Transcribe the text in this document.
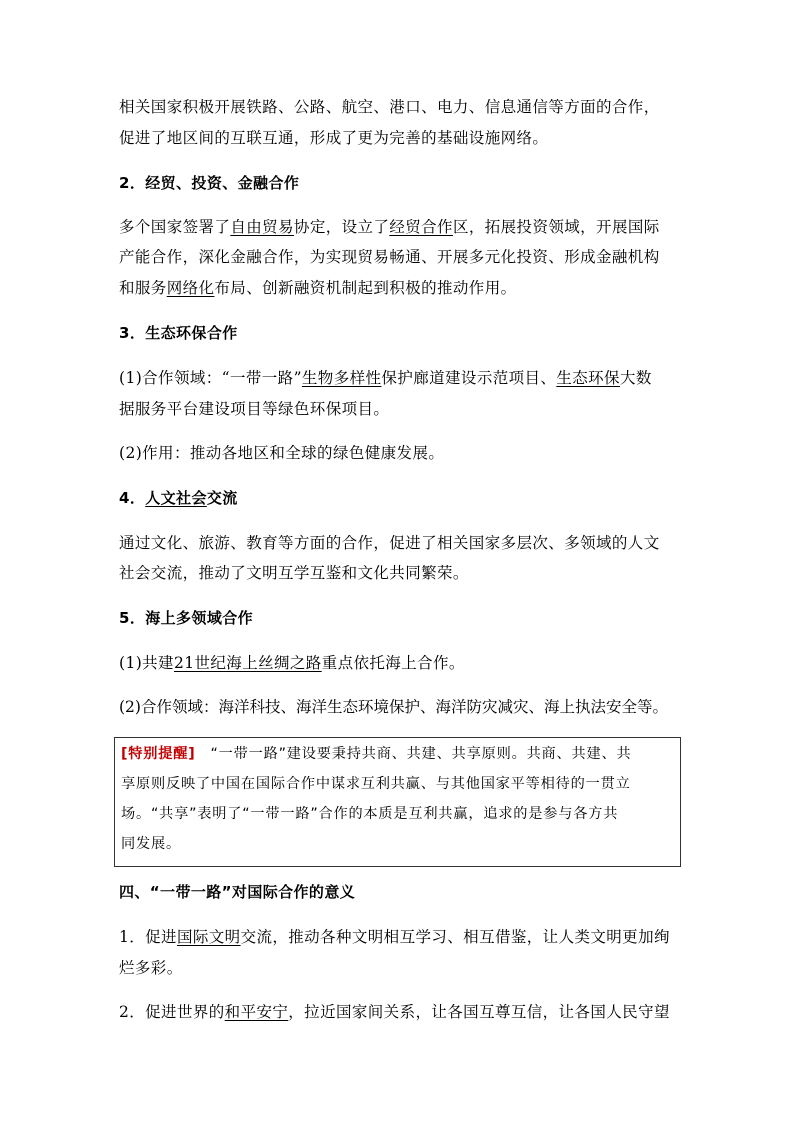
相关国家积极开展铁路、公路、航空、港口、电力、信息通信等方面的合作，
促进了地区间的互联互通，形成了更为完善的基础设施网络。
2．经贸、投资、金融合作
多个国家签署了自由贸易协定，设立了经贸合作区，拓展投资领域，开展国际
产能合作，深化金融合作，为实现贸易畅通、开展多元化投资、形成金融机构
和服务网络化布局、创新融资机制起到积极的推动作用。
3．生态环保合作
(1)合作领域：“一带一路”生物多样性保护廊道建设示范项目、生态环保大数
据服务平台建设项目等绿色环保项目。
(2)作用：推动各地区和全球的绿色健康发展。
4．人文社会交流
通过文化、旅游、教育等方面的合作，促进了相关国家多层次、多领域的人文
社会交流，推动了文明互学互鉴和文化共同繁荣。
5．海上多领域合作
(1)共建21世纪海上丝绸之路重点依托海上合作。
(2)合作领域：海洋科技、海洋生态环境保护、海洋防灾减灾、海上执法安全等。
[特别提醒]　“一带一路”建设要秉持共商、共建、共享原则。共商、共建、共
享原则反映了中国在国际合作中谋求互利共赢、与其他国家平等相待的一贯立
场。“共享”表明了“一带一路”合作的本质是互利共赢，追求的是参与各方共
同发展。
四、“一带一路”对国际合作的意义
1．促进国际文明交流，推动各种文明相互学习、相互借鉴，让人类文明更加绚
烂多彩。
2．促进世界的和平安宁，拉近国家间关系，让各国互尊互信，让各国人民守望
